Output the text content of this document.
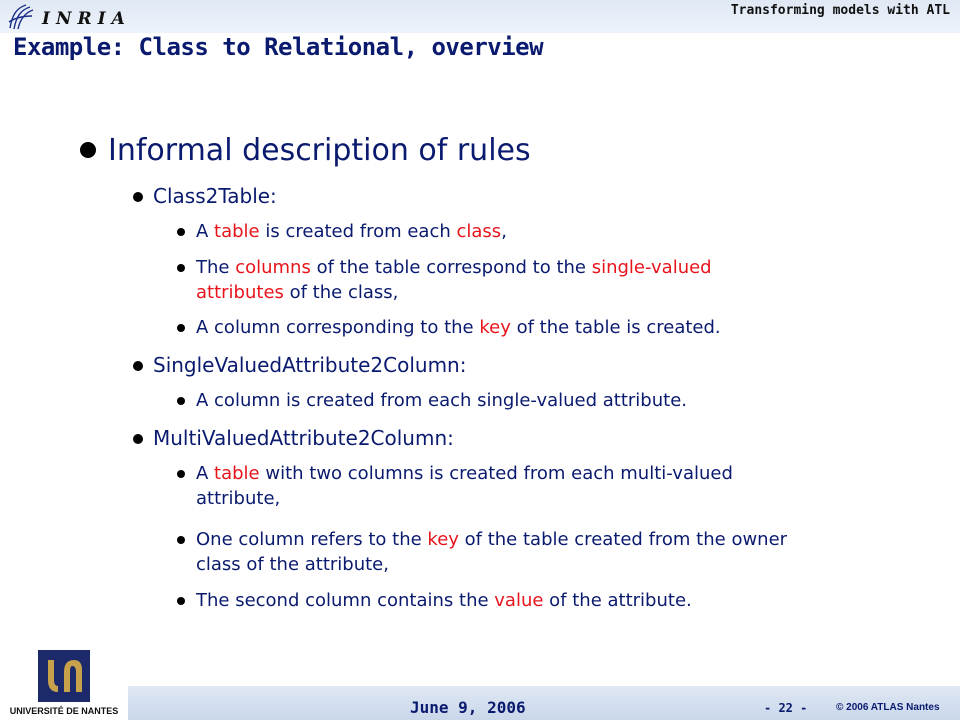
INRIA	Transforming models with ATL
Example: Class to Relational, overview
Informal description of rules
Class2Table:
A table is created from each class,
The columns of the table correspond to the single-valued
attributes of the class,
A column corresponding to the key of the table is created.
SingleValuedAttribute2Column:
A column is created from each single-valued attribute.
MultiValuedAttribute2Column:
A table with two columns is created from each multi-valued
attribute,
One column refers to the key of the table created from the owner
class of the attribute,
The second column contains the value of the attribute.
UNIVERSITÉ DE NANTES	June 9, 2006	- 22 -	© 2006 ATLAS Nantes
